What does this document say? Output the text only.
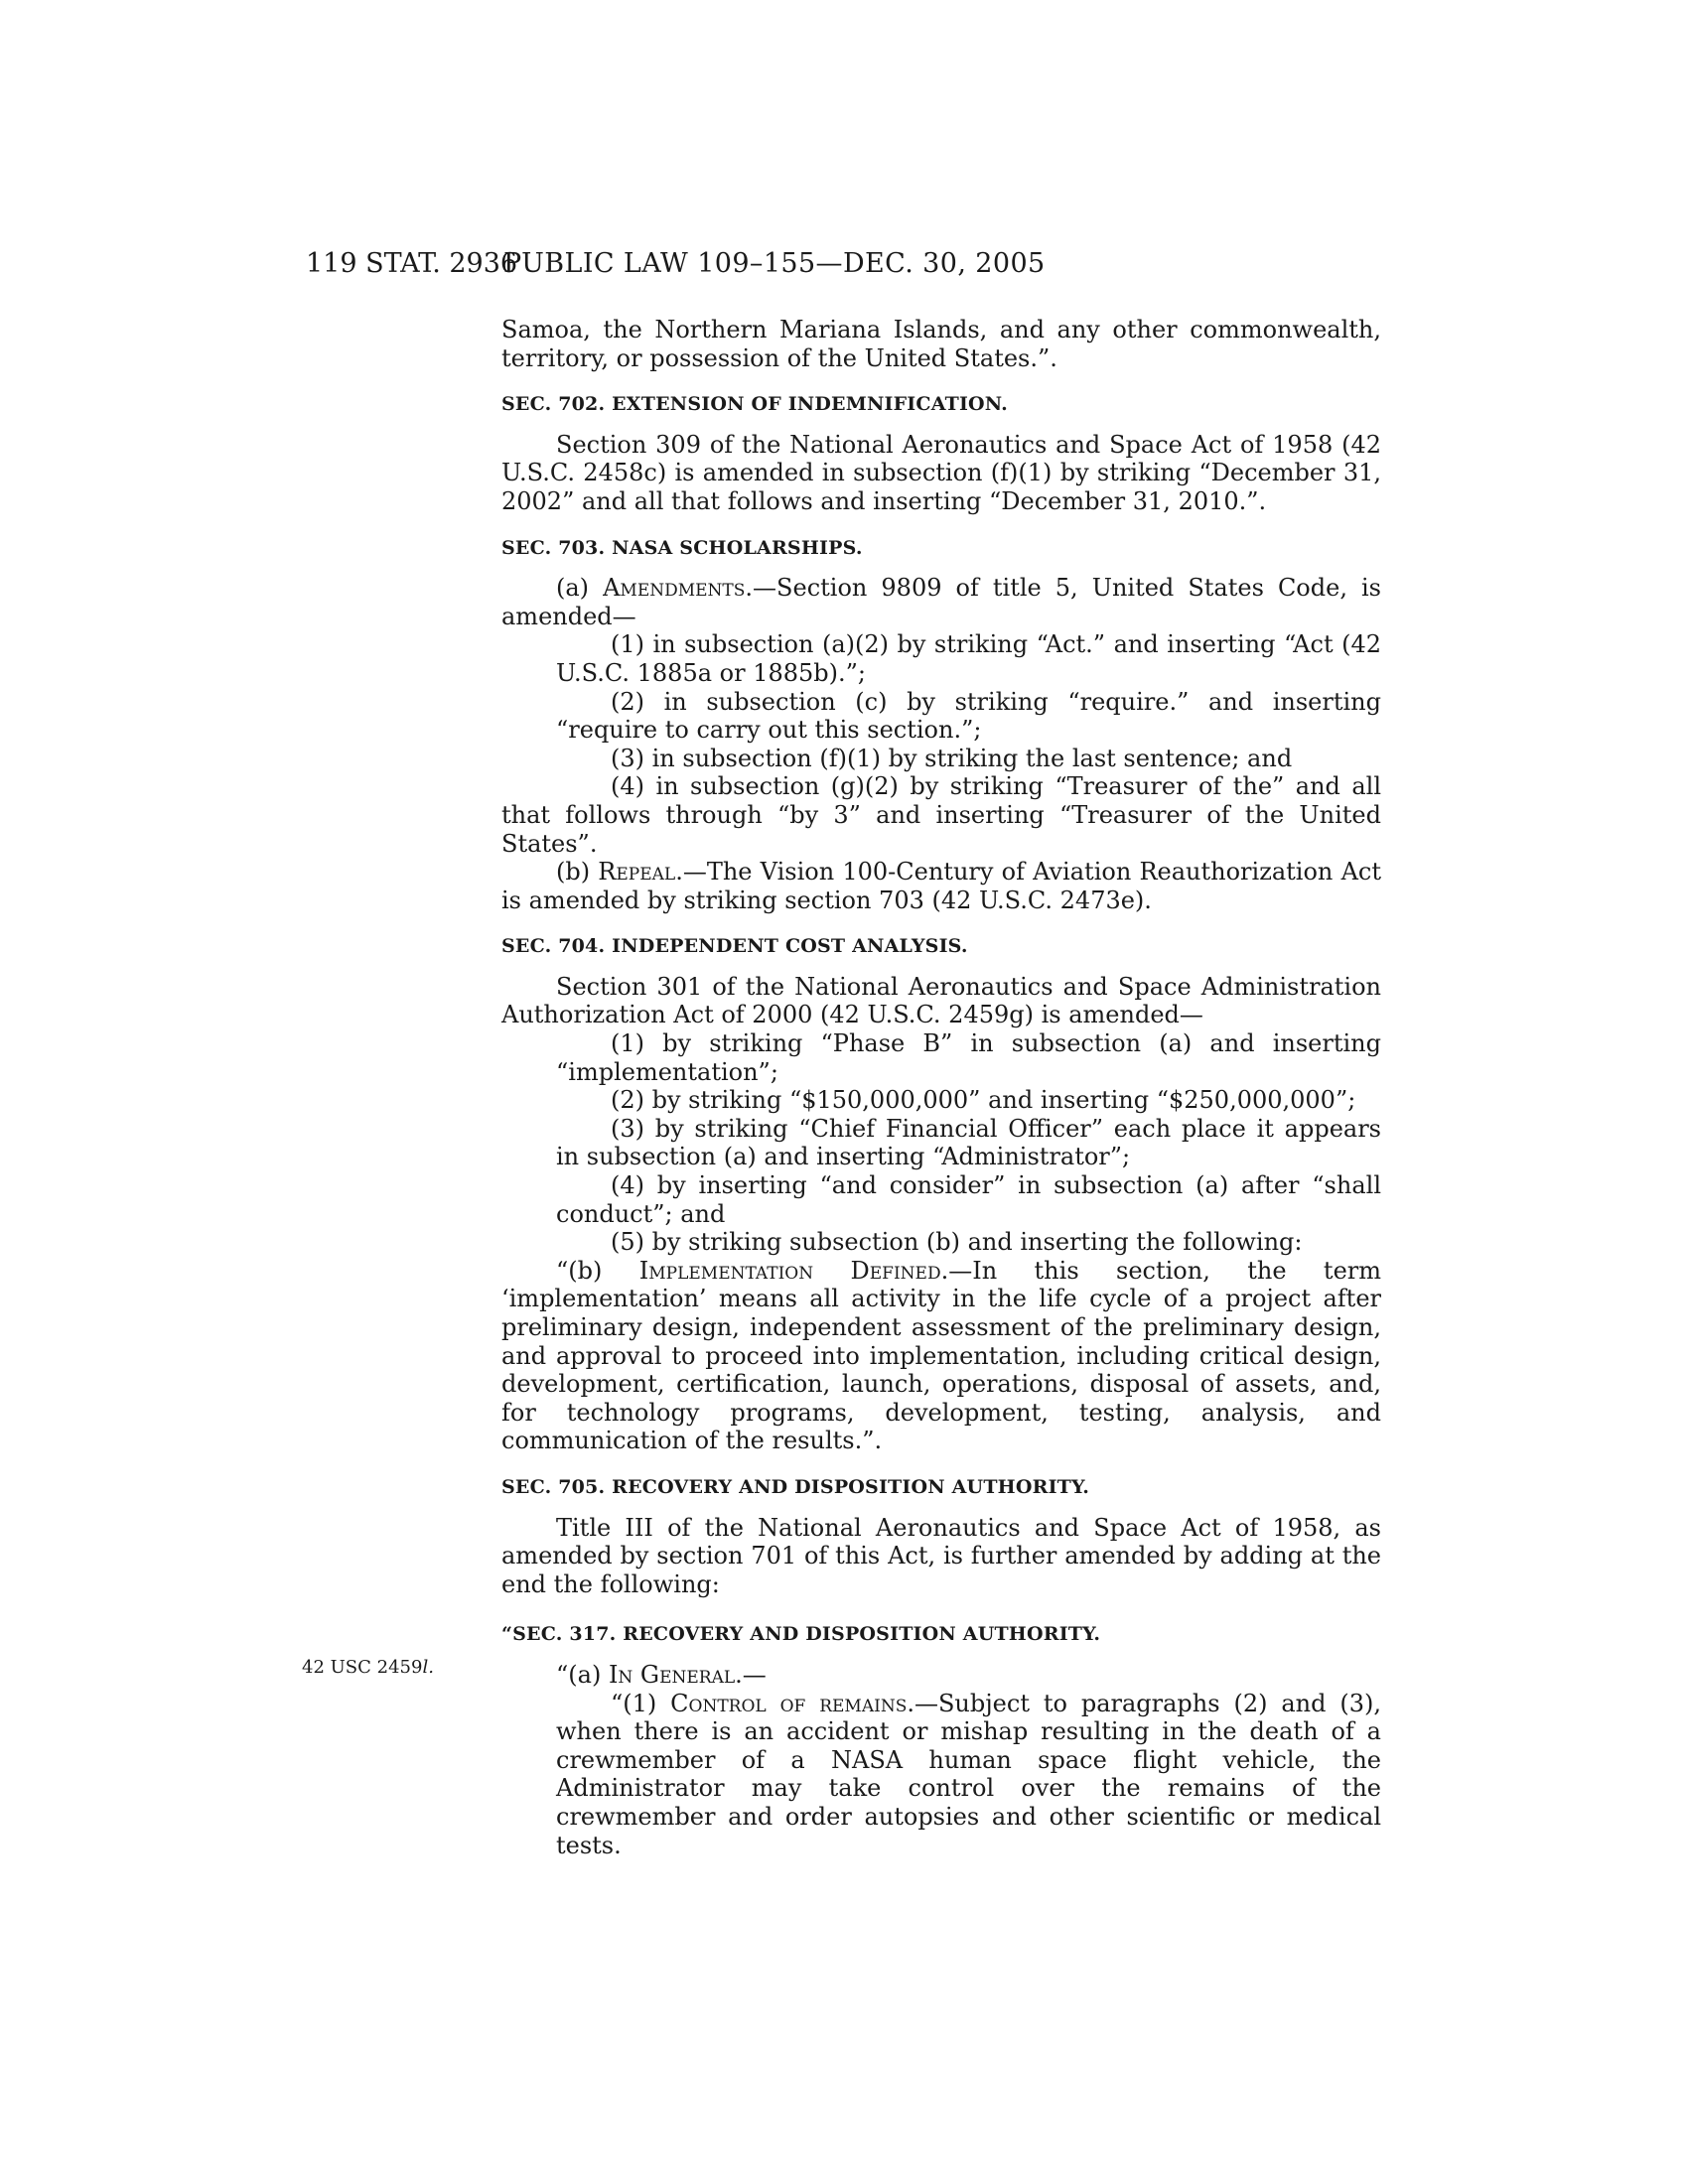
119 STAT. 2936
PUBLIC LAW 109–155—DEC. 30, 2005
42 USC 2459l.

Samoa, the Northern Mariana Islands, and any other commonwealth, territory, or possession of the United States.”.

SEC. 702. EXTENSION OF INDEMNIFICATION.

Section 309 of the National Aeronautics and Space Act of 1958 (42 U.S.C. 2458c) is amended in subsection (f)(1) by striking “December 31, 2002” and all that follows and inserting “December 31, 2010.”.

SEC. 703. NASA SCHOLARSHIPS.

(a) Amendments.—Section 9809 of title 5, United States Code, is amended—

(1) in subsection (a)(2) by striking “Act.” and inserting “Act (42 U.S.C. 1885a or 1885b).”;

(2) in subsection (c) by striking “require.” and inserting “require to carry out this section.”;

(3) in subsection (f)(1) by striking the last sentence; and

(4) in subsection (g)(2) by striking “Treasurer of the” and all that follows through “by 3” and inserting “Treasurer of the United States”.

(b) Repeal.—The Vision 100-Century of Aviation Reauthorization Act is amended by striking section 703 (42 U.S.C. 2473e).

SEC. 704. INDEPENDENT COST ANALYSIS.

Section 301 of the National Aeronautics and Space Administration Authorization Act of 2000 (42 U.S.C. 2459g) is amended—

(1) by striking “Phase B” in subsection (a) and inserting “implementation”;

(2) by striking “$150,000,000” and inserting “$250,000,000”;

(3) by striking “Chief Financial Officer” each place it appears in subsection (a) and inserting “Administrator”;

(4) by inserting “and consider” in subsection (a) after “shall conduct”; and

(5) by striking subsection (b) and inserting the following:

“(b) Implementation Defined.—In this section, the term ‘implementation’ means all activity in the life cycle of a project after preliminary design, independent assessment of the preliminary design, and approval to proceed into implementation, including critical design, development, certification, launch, operations, disposal of assets, and, for technology programs, development, testing, analysis, and communication of the results.”.

SEC. 705. RECOVERY AND DISPOSITION AUTHORITY.

Title III of the National Aeronautics and Space Act of 1958, as amended by section 701 of this Act, is further amended by adding at the end the following:

“SEC. 317. RECOVERY AND DISPOSITION AUTHORITY.

“(a) In General.—

“(1) Control of remains.—Subject to paragraphs (2) and (3), when there is an accident or mishap resulting in the death of a crewmember of a NASA human space flight vehicle, the Administrator may take control over the remains of the crewmember and order autopsies and other scientific or medical tests.
